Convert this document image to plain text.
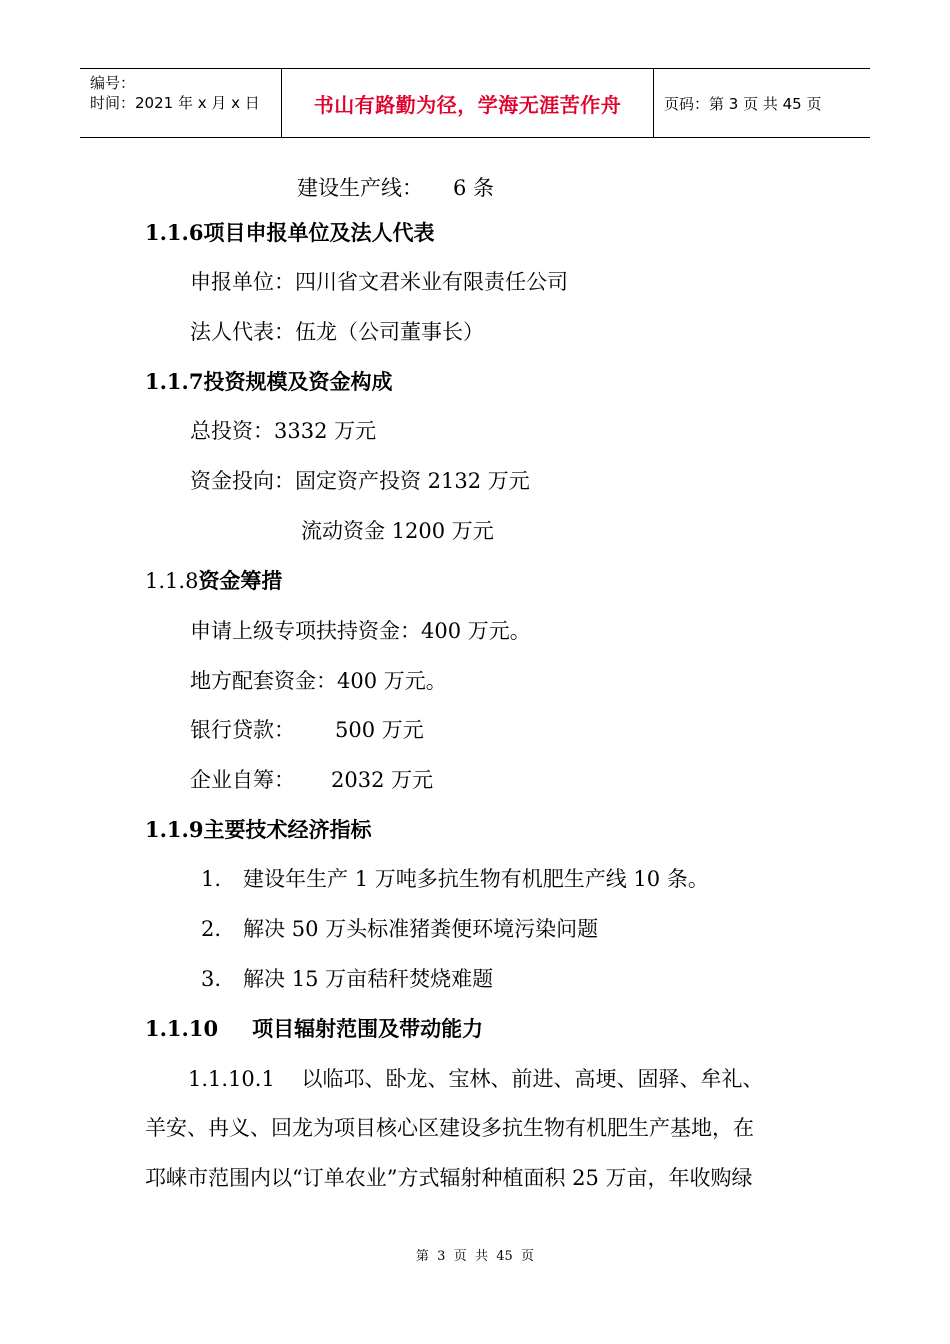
编号：
时间：2021 年 x 月 x 日	书山有路勤为径，学海无涯苦作舟	页码：第 3 页 共 45 页
建设生产线： 6 条
1.1.6项目申报单位及法人代表
申报单位：四川省文君米业有限责任公司
法人代表：伍龙（公司董事长）
1.1.7投资规模及资金构成
总投资：3332 万元
资金投向：固定资产投资 2132 万元
流动资金 1200 万元
1.1.8资金筹措
申请上级专项扶持资金：400 万元。
地方配套资金：400 万元。
银行贷款： 500 万元
企业自筹： 2032 万元
1.1.9主要技术经济指标
1. 建设年生产 1 万吨多抗生物有机肥生产线 10 条。
2. 解决 50 万头标准猪粪便环境污染问题
3. 解决 15 万亩秸秆焚烧难题
1.1.10 项目辐射范围及带动能力
1.1.10.1    以临邛、卧龙、宝林、前进、高埂、固驿、牟礼、
羊安、冉义、回龙为项目核心区建设多抗生物有机肥生产基地，在
邛崃市范围内以“订单农业”方式辐射种植面积 25 万亩，年收购绿
第  3  页  共  45  页
